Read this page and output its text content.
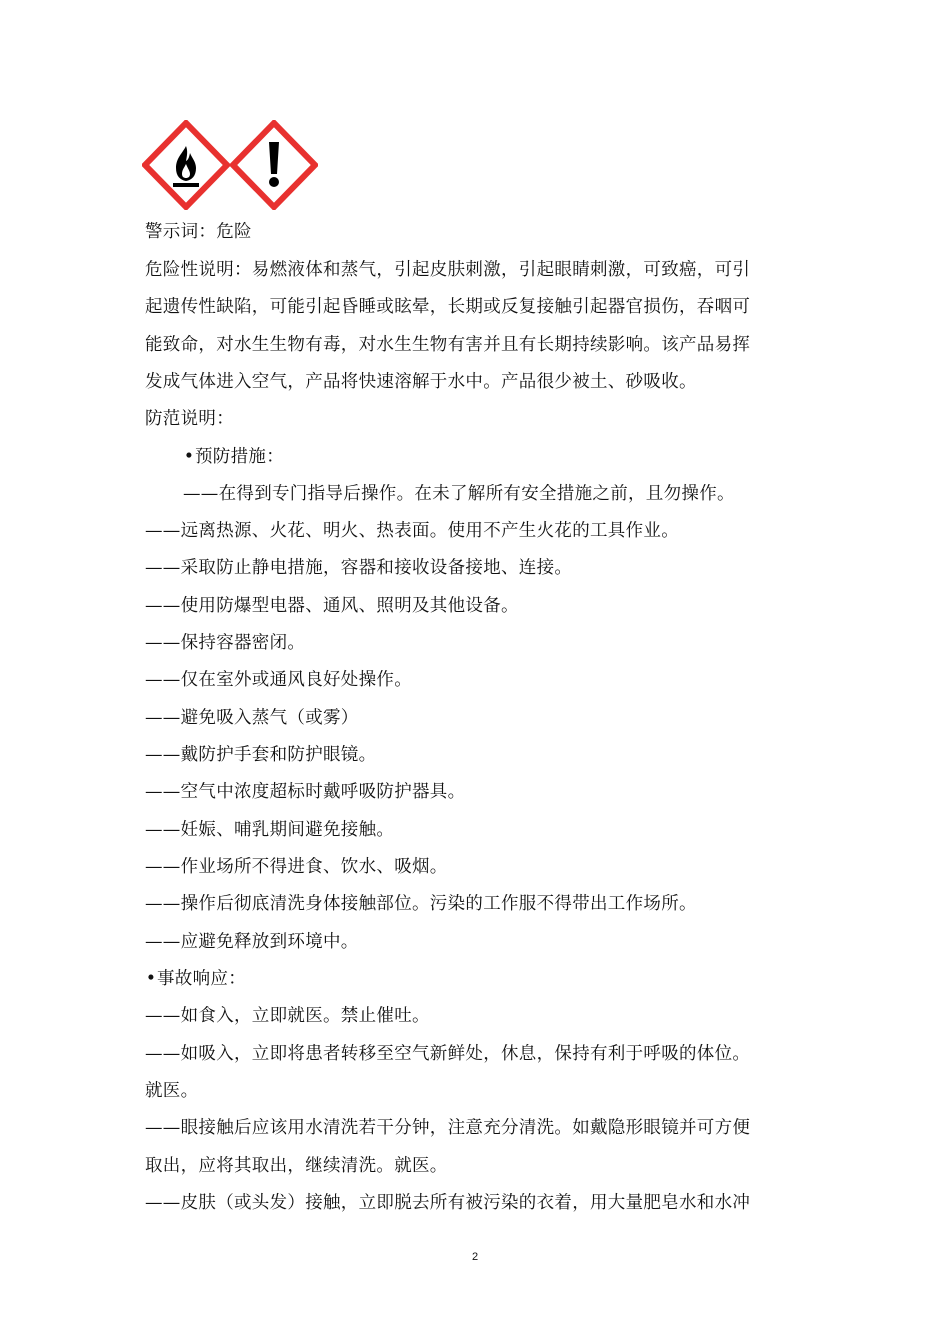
警示词：危险
危险性说明：易燃液体和蒸气，引起皮肤刺激，引起眼睛刺激，可致癌，可引
起遗传性缺陷，可能引起昏睡或眩晕，长期或反复接触引起器官损伤，吞咽可
能致命，对水生生物有毒，对水生生物有害并且有长期持续影响。该产品易挥
发成气体进入空气，产品将快速溶解于水中。产品很少被土、砂吸收。
防范说明：
•预防措施：
——在得到专门指导后操作。在未了解所有安全措施之前，且勿操作。
——远离热源、火花、明火、热表面。使用不产生火花的工具作业。
——采取防止静电措施，容器和接收设备接地、连接。
——使用防爆型电器、通风、照明及其他设备。
——保持容器密闭。
——仅在室外或通风良好处操作。
——避免吸入蒸气（或雾）
——戴防护手套和防护眼镜。
——空气中浓度超标时戴呼吸防护器具。
——妊娠、哺乳期间避免接触。
——作业场所不得进食、饮水、吸烟。
——操作后彻底清洗身体接触部位。污染的工作服不得带出工作场所。
——应避免释放到环境中。
•事故响应：
——如食入，立即就医。禁止催吐。
——如吸入，立即将患者转移至空气新鲜处，休息，保持有利于呼吸的体位。
就医。
——眼接触后应该用水清洗若干分钟，注意充分清洗。如戴隐形眼镜并可方便
取出，应将其取出，继续清洗。就医。
——皮肤（或头发）接触，立即脱去所有被污染的衣着，用大量肥皂水和水冲
2
